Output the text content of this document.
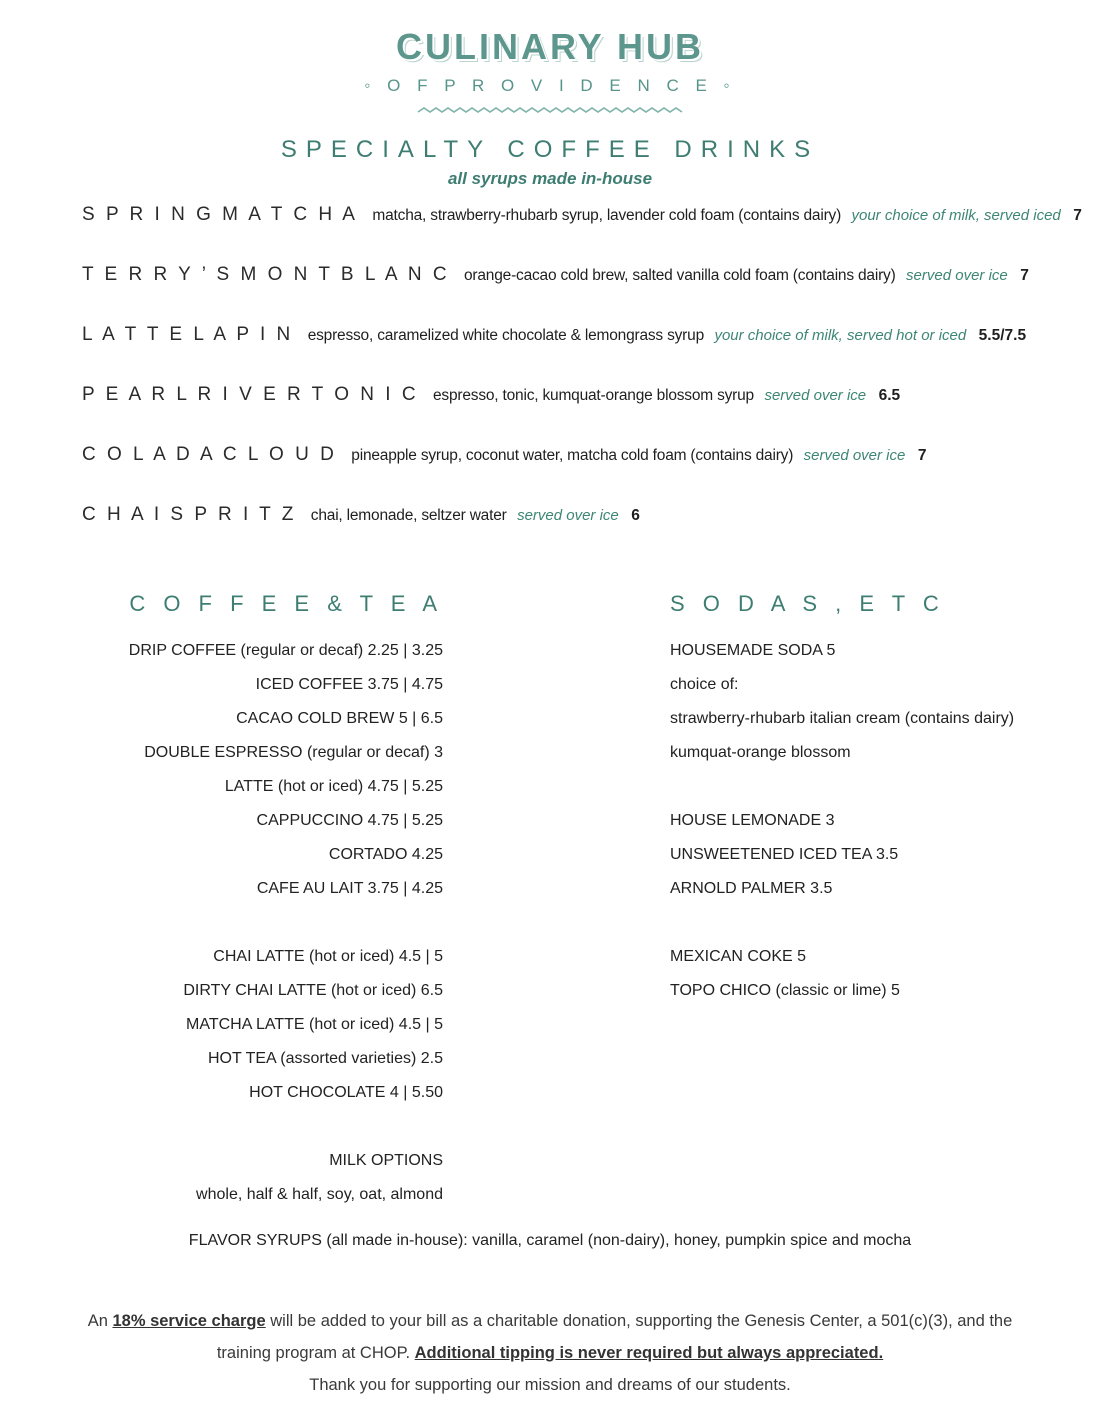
CULINARY HUB
◦ O F P R O V I D E N C E ◦
SPECIALTY COFFEE DRINKS
all syrups made in-house
S P R I N G M A T C H A matcha, strawberry-rhubarb syrup, lavender cold foam (contains dairy) your choice of milk, served iced 7
T E R R Y ’ S M O N T B L A N C orange-cacao cold brew, salted vanilla cold foam (contains dairy) served over ice 7
L A T T E L A P I N espresso, caramelized white chocolate & lemongrass syrup your choice of milk, served hot or iced 5.5/7.5
P E A R L R I V E R T O N I C espresso, tonic, kumquat-orange blossom syrup served over ice 6.5
C O L A D A C L O U D pineapple syrup, coconut water, matcha cold foam (contains dairy) served over ice 7
C H A I S P R I T Z chai, lemonade, seltzer water served over ice 6
C O F F E E & T E A
DRIP COFFEE (regular or decaf) 2.25 | 3.25
ICED COFFEE 3.75 | 4.75
CACAO COLD BREW 5 | 6.5
DOUBLE ESPRESSO (regular or decaf) 3
LATTE (hot or iced) 4.75 | 5.25
CAPPUCCINO 4.75 | 5.25
CORTADO 4.25
CAFE AU LAIT 3.75 | 4.25
CHAI LATTE (hot or iced) 4.5 | 5
DIRTY CHAI LATTE (hot or iced) 6.5
MATCHA LATTE (hot or iced) 4.5 | 5
HOT TEA (assorted varieties) 2.5
HOT CHOCOLATE 4 | 5.50
MILK OPTIONS
whole, half & half, soy, oat, almond
S O D A S , E T C
HOUSEMADE SODA 5
choice of:
strawberry-rhubarb italian cream (contains dairy)
kumquat-orange blossom
HOUSE LEMONADE 3
UNSWEETENED ICED TEA 3.5
ARNOLD PALMER 3.5
MEXICAN COKE 5
TOPO CHICO (classic or lime) 5
FLAVOR SYRUPS (all made in-house): vanilla, caramel (non-dairy), honey, pumpkin spice and mocha
An 18% service charge will be added to your bill as a charitable donation, supporting the Genesis Center, a 501(c)(3), and the
training program at CHOP. Additional tipping is never required but always appreciated.
Thank you for supporting our mission and dreams of our students.
